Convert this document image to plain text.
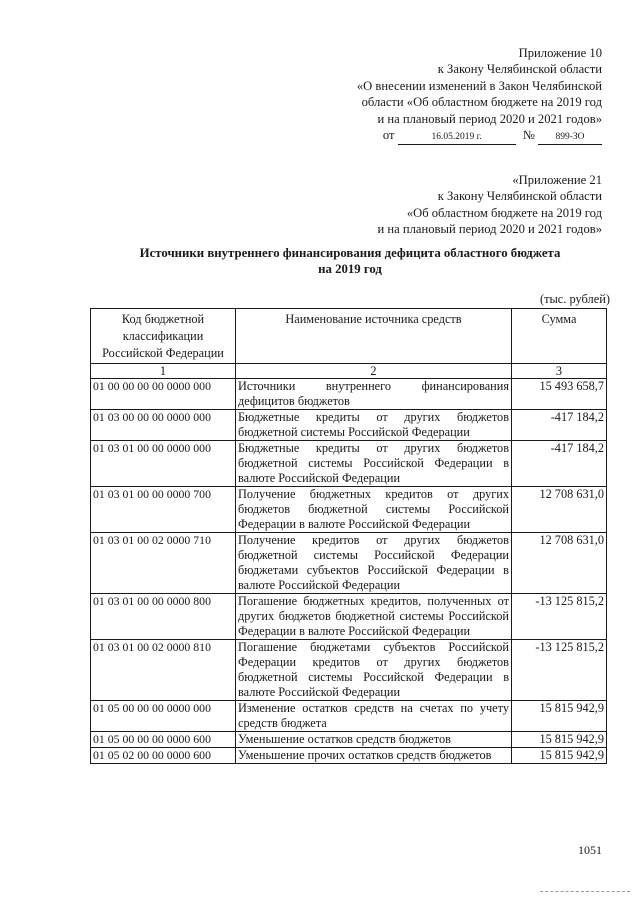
Приложение 10
к Закону Челябинской области
«О внесении изменений в Закон Челябинской
области «Об областном бюджете на 2019 год
и на плановый период 2020 и 2021 годов»
от	16.05.2019 г.	№ 899-ЗО
«Приложение 21
к Закону Челябинской области
«Об областном бюджете на 2019 год
и на плановый период 2020 и 2021 годов»
Источники внутреннего финансирования дефицита областного бюджета
на 2019 год
(тыс. рублей)
Код бюджетной классификации Российской Федерации	Наименование источника средств	Сумма
1	2	3
01 00 00 00 00 0000 000	Источники внутреннего финансирования дефицитов бюджетов	15 493 658,7
01 03 00 00 00 0000 000	Бюджетные кредиты от других бюджетов бюджетной системы Российской Федерации	-417 184,2
01 03 01 00 00 0000 000	Бюджетные кредиты от других бюджетов бюджетной системы Российской Федерации в валюте Российской Федерации	-417 184,2
01 03 01 00 00 0000 700	Получение бюджетных кредитов от других бюджетов бюджетной системы Российской Федерации в валюте Российской Федерации	12 708 631,0
01 03 01 00 02 0000 710	Получение кредитов от других бюджетов бюджетной системы Российской Федерации бюджетами субъектов Российской Федерации в валюте Российской Федерации	12 708 631,0
01 03 01 00 00 0000 800	Погашение бюджетных кредитов, полученных от других бюджетов бюджетной системы Российской Федерации в валюте Российской Федерации	-13 125 815,2
01 03 01 00 02 0000 810	Погашение бюджетами субъектов Российской Федерации кредитов от других бюджетов бюджетной системы Российской Федерации в валюте Российской Федерации	-13 125 815,2
01 05 00 00 00 0000 000	Изменение остатков средств на счетах по учету средств бюджета	15 815 942,9
01 05 00 00 00 0000 600	Уменьшение остатков средств бюджетов	15 815 942,9
01 05 02 00 00 0000 600	Уменьшение прочих остатков средств бюджетов	15 815 942,9
1051
